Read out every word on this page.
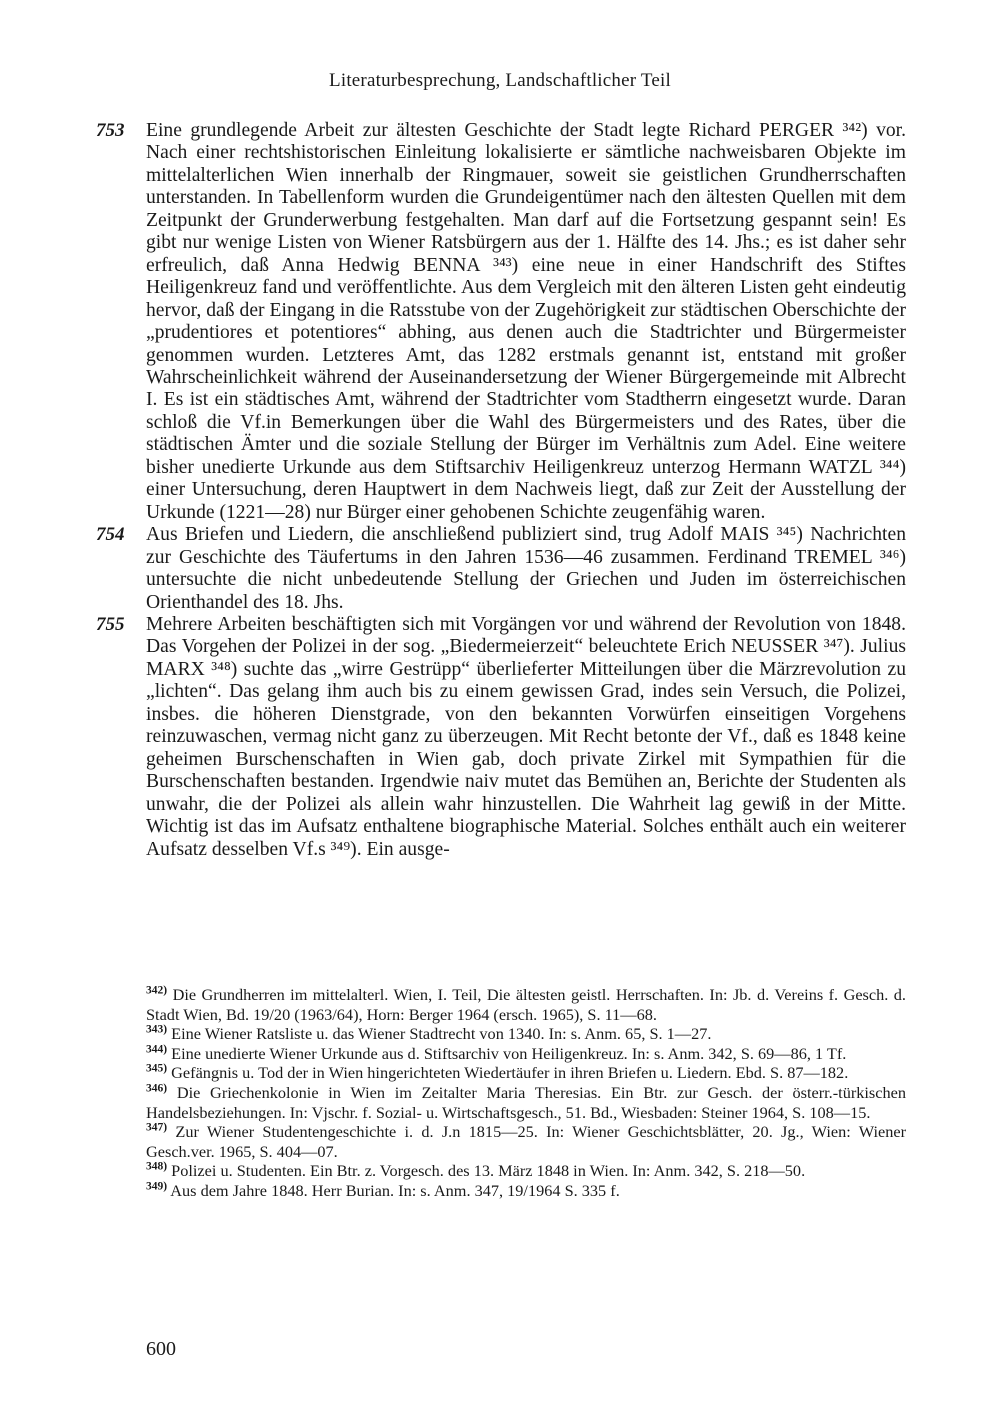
Literaturbesprechung, Landschaftlicher Teil
753 Eine grundlegende Arbeit zur ältesten Geschichte der Stadt legte Richard PERGER ³⁴²) vor. Nach einer rechtshistorischen Einleitung lokalisierte er sämtliche nachweisbaren Objekte im mittelalterlichen Wien innerhalb der Ringmauer, soweit sie geistlichen Grundherrschaften unterstanden. In Tabellenform wurden die Grundeigentümer nach den ältesten Quellen mit dem Zeitpunkt der Grunderwerbung festgehalten. Man darf auf die Fortsetzung gespannt sein! Es gibt nur wenige Listen von Wiener Ratsbürgern aus der 1. Hälfte des 14. Jhs.; es ist daher sehr erfreulich, daß Anna Hedwig BENNA ³⁴³) eine neue in einer Handschrift des Stiftes Heiligenkreuz fand und veröffentlichte. Aus dem Vergleich mit den älteren Listen geht eindeutig hervor, daß der Eingang in die Ratsstube von der Zugehörigkeit zur städtischen Oberschichte der „prudentiores et potentiores“ abhing, aus denen auch die Stadtrichter und Bürgermeister genommen wurden. Letzteres Amt, das 1282 erstmals genannt ist, entstand mit großer Wahrscheinlichkeit während der Auseinandersetzung der Wiener Bürgergemeinde mit Albrecht I. Es ist ein städtisches Amt, während der Stadtrichter vom Stadtherrn eingesetzt wurde. Daran schloß die Vf.in Bemerkungen über die Wahl des Bürgermeisters und des Rates, über die städtischen Ämter und die soziale Stellung der Bürger im Verhältnis zum Adel. Eine weitere bisher unedierte Urkunde aus dem Stiftsarchiv Heiligenkreuz unterzog Hermann WATZL ³⁴⁴) einer Untersuchung, deren Hauptwert in dem Nachweis liegt, daß zur Zeit der Ausstellung der Urkunde (1221—28) nur Bürger einer gehobenen Schichte zeugenfähig waren.

754 Aus Briefen und Liedern, die anschließend publiziert sind, trug Adolf MAIS ³⁴⁵) Nachrichten zur Geschichte des Täufertums in den Jahren 1536—46 zusammen. Ferdinand TREMEL ³⁴⁶) untersuchte die nicht unbedeutende Stellung der Griechen und Juden im österreichischen Orienthandel des 18. Jhs.

755 Mehrere Arbeiten beschäftigten sich mit Vorgängen vor und während der Revolution von 1848. Das Vorgehen der Polizei in der sog. „Biedermeierzeit“ beleuchtete Erich NEUSSER ³⁴⁷). Julius MARX ³⁴⁸) suchte das „wirre Gestrüpp“ überlieferter Mitteilungen über die Märzrevolution zu „lichten“. Das gelang ihm auch bis zu einem gewissen Grad, indes sein Versuch, die Polizei, insbes. die höheren Dienstgrade, von den bekannten Vorwürfen einseitigen Vorgehens reinzuwaschen, vermag nicht ganz zu überzeugen. Mit Recht betonte der Vf., daß es 1848 keine geheimen Burschenschaften in Wien gab, doch private Zirkel mit Sympathien für die Burschenschaften bestanden. Irgendwie naiv mutet das Bemühen an, Berichte der Studenten als unwahr, die der Polizei als allein wahr hinzustellen. Die Wahrheit lag gewiß in der Mitte. Wichtig ist das im Aufsatz enthaltene biographische Material. Solches enthält auch ein weiterer Aufsatz desselben Vf.s ³⁴⁹). Ein ausge-

$^{342)}$ Die Grundherren im mittelalterl. Wien, I. Teil, Die ältesten geistl. Herrschaften. In: Jb. d. Vereins f. Gesch. d. Stadt Wien, Bd. 19/20 (1963/64), Horn: Berger 1964 (ersch. 1965), S. 11—68.

$^{343)}$ Eine Wiener Ratsliste u. das Wiener Stadtrecht von 1340. In: s. Anm. 65, S. 1—27.

$^{344)}$ Eine unedierte Wiener Urkunde aus d. Stiftsarchiv von Heiligenkreuz. In: s. Anm. 342, S. 69—86, 1 Tf.

$^{345)}$ Gefängnis u. Tod der in Wien hingerichteten Wiedertäufer in ihren Briefen u. Liedern. Ebd. S. 87—182.

$^{346)}$ Die Griechenkolonie in Wien im Zeitalter Maria Theresias. Ein Btr. zur Gesch. der österr.-türkischen Handelsbeziehungen. In: Vjschr. f. Sozial- u. Wirtschaftsgesch., 51. Bd., Wiesbaden: Steiner 1964, S. 108—15.

$^{347)}$ Zur Wiener Studentengeschichte i. d. J.n 1815—25. In: Wiener Geschichtsblätter, 20. Jg., Wien: Wiener Gesch.ver. 1965, S. 404—07.

$^{348)}$ Polizei u. Studenten. Ein Btr. z. Vorgesch. des 13. März 1848 in Wien. In: Anm. 342, S. 218—50.

$^{349)}$ Aus dem Jahre 1848. Herr Burian. In: s. Anm. 347, 19/1964 S. 335 f.

600
